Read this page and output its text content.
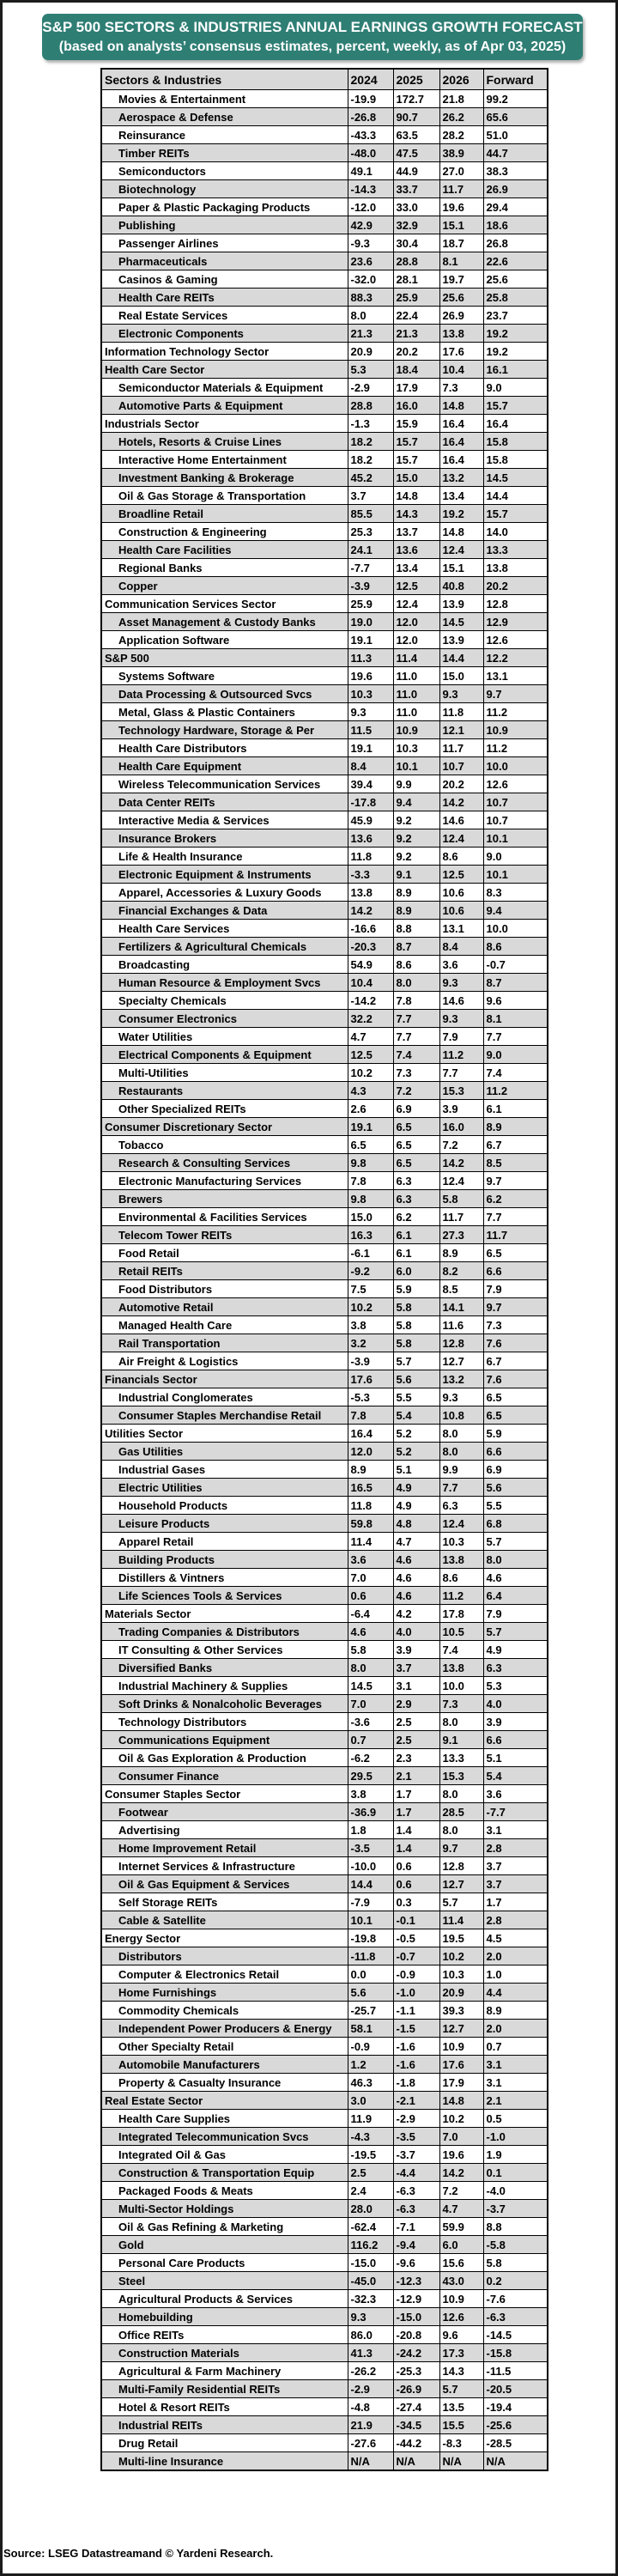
S&P 500 SECTORS & INDUSTRIES ANNUAL EARNINGS GROWTH FORECAST
(based on analysts’ consensus estimates, percent, weekly, as of Apr 03, 2025)
Sectors & Industries	2024	2025	2026	Forward
Movies & Entertainment	-19.9	172.7	21.8	99.2
Aerospace & Defense	-26.8	90.7	26.2	65.6
Reinsurance	-43.3	63.5	28.2	51.0
Timber REITs	-48.0	47.5	38.9	44.7
Semiconductors	49.1	44.9	27.0	38.3
Biotechnology	-14.3	33.7	11.7	26.9
Paper & Plastic Packaging Products	-12.0	33.0	19.6	29.4
Publishing	42.9	32.9	15.1	18.6
Passenger Airlines	-9.3	30.4	18.7	26.8
Pharmaceuticals	23.6	28.8	8.1	22.6
Casinos & Gaming	-32.0	28.1	19.7	25.6
Health Care REITs	88.3	25.9	25.6	25.8
Real Estate Services	8.0	22.4	26.9	23.7
Electronic Components	21.3	21.3	13.8	19.2
Information Technology Sector	20.9	20.2	17.6	19.2
Health Care Sector	5.3	18.4	10.4	16.1
Semiconductor Materials & Equipment	-2.9	17.9	7.3	9.0
Automotive Parts & Equipment	28.8	16.0	14.8	15.7
Industrials Sector	-1.3	15.9	16.4	16.4
Hotels, Resorts & Cruise Lines	18.2	15.7	16.4	15.8
Interactive Home Entertainment	18.2	15.7	16.4	15.8
Investment Banking & Brokerage	45.2	15.0	13.2	14.5
Oil & Gas Storage & Transportation	3.7	14.8	13.4	14.4
Broadline Retail	85.5	14.3	19.2	15.7
Construction & Engineering	25.3	13.7	14.8	14.0
Health Care Facilities	24.1	13.6	12.4	13.3
Regional Banks	-7.7	13.4	15.1	13.8
Copper	-3.9	12.5	40.8	20.2
Communication Services Sector	25.9	12.4	13.9	12.8
Asset Management & Custody Banks	19.0	12.0	14.5	12.9
Application Software	19.1	12.0	13.9	12.6
S&P 500	11.3	11.4	14.4	12.2
Systems Software	19.6	11.0	15.0	13.1
Data Processing & Outsourced Svcs	10.3	11.0	9.3	9.7
Metal, Glass & Plastic Containers	9.3	11.0	11.8	11.2
Technology Hardware, Storage & Per	11.5	10.9	12.1	10.9
Health Care Distributors	19.1	10.3	11.7	11.2
Health Care Equipment	8.4	10.1	10.7	10.0
Wireless Telecommunication Services	39.4	9.9	20.2	12.6
Data Center REITs	-17.8	9.4	14.2	10.7
Interactive Media & Services	45.9	9.2	14.6	10.7
Insurance Brokers	13.6	9.2	12.4	10.1
Life & Health Insurance	11.8	9.2	8.6	9.0
Electronic Equipment & Instruments	-3.3	9.1	12.5	10.1
Apparel, Accessories & Luxury Goods	13.8	8.9	10.6	8.3
Financial Exchanges & Data	14.2	8.9	10.6	9.4
Health Care Services	-16.6	8.8	13.1	10.0
Fertilizers & Agricultural Chemicals	-20.3	8.7	8.4	8.6
Broadcasting	54.9	8.6	3.6	-0.7
Human Resource & Employment Svcs	10.4	8.0	9.3	8.7
Specialty Chemicals	-14.2	7.8	14.6	9.6
Consumer Electronics	32.2	7.7	9.3	8.1
Water Utilities	4.7	7.7	7.9	7.7
Electrical Components & Equipment	12.5	7.4	11.2	9.0
Multi-Utilities	10.2	7.3	7.7	7.4
Restaurants	4.3	7.2	15.3	11.2
Other Specialized REITs	2.6	6.9	3.9	6.1
Consumer Discretionary Sector	19.1	6.5	16.0	8.9
Tobacco	6.5	6.5	7.2	6.7
Research & Consulting Services	9.8	6.5	14.2	8.5
Electronic Manufacturing Services	7.8	6.3	12.4	9.7
Brewers	9.8	6.3	5.8	6.2
Environmental & Facilities Services	15.0	6.2	11.7	7.7
Telecom Tower REITs	16.3	6.1	27.3	11.7
Food Retail	-6.1	6.1	8.9	6.5
Retail REITs	-9.2	6.0	8.2	6.6
Food Distributors	7.5	5.9	8.5	7.9
Automotive Retail	10.2	5.8	14.1	9.7
Managed Health Care	3.8	5.8	11.6	7.3
Rail Transportation	3.2	5.8	12.8	7.6
Air Freight & Logistics	-3.9	5.7	12.7	6.7
Financials Sector	17.6	5.6	13.2	7.6
Industrial Conglomerates	-5.3	5.5	9.3	6.5
Consumer Staples Merchandise Retail	7.8	5.4	10.8	6.5
Utilities Sector	16.4	5.2	8.0	5.9
Gas Utilities	12.0	5.2	8.0	6.6
Industrial Gases	8.9	5.1	9.9	6.9
Electric Utilities	16.5	4.9	7.7	5.6
Household Products	11.8	4.9	6.3	5.5
Leisure Products	59.8	4.8	12.4	6.8
Apparel Retail	11.4	4.7	10.3	5.7
Building Products	3.6	4.6	13.8	8.0
Distillers & Vintners	7.0	4.6	8.6	4.6
Life Sciences Tools & Services	0.6	4.6	11.2	6.4
Materials Sector	-6.4	4.2	17.8	7.9
Trading Companies & Distributors	4.6	4.0	10.5	5.7
IT Consulting & Other Services	5.8	3.9	7.4	4.9
Diversified Banks	8.0	3.7	13.8	6.3
Industrial Machinery & Supplies	14.5	3.1	10.0	5.3
Soft Drinks & Nonalcoholic Beverages	7.0	2.9	7.3	4.0
Technology Distributors	-3.6	2.5	8.0	3.9
Communications Equipment	0.7	2.5	9.1	6.6
Oil & Gas Exploration & Production	-6.2	2.3	13.3	5.1
Consumer Finance	29.5	2.1	15.3	5.4
Consumer Staples Sector	3.8	1.7	8.0	3.6
Footwear	-36.9	1.7	28.5	-7.7
Advertising	1.8	1.4	8.0	3.1
Home Improvement Retail	-3.5	1.4	9.7	2.8
Internet Services & Infrastructure	-10.0	0.6	12.8	3.7
Oil & Gas Equipment & Services	14.4	0.6	12.7	3.7
Self Storage REITs	-7.9	0.3	5.7	1.7
Cable & Satellite	10.1	-0.1	11.4	2.8
Energy Sector	-19.8	-0.5	19.5	4.5
Distributors	-11.8	-0.7	10.2	2.0
Computer & Electronics Retail	0.0	-0.9	10.3	1.0
Home Furnishings	5.6	-1.0	20.9	4.4
Commodity Chemicals	-25.7	-1.1	39.3	8.9
Independent Power Producers & Energy	58.1	-1.5	12.7	2.0
Other Specialty Retail	-0.9	-1.6	10.9	0.7
Automobile Manufacturers	1.2	-1.6	17.6	3.1
Property & Casualty Insurance	46.3	-1.8	17.9	3.1
Real Estate Sector	3.0	-2.1	14.8	2.1
Health Care Supplies	11.9	-2.9	10.2	0.5
Integrated Telecommunication Svcs	-4.3	-3.5	7.0	-1.0
Integrated Oil & Gas	-19.5	-3.7	19.6	1.9
Construction & Transportation Equip	2.5	-4.4	14.2	0.1
Packaged Foods & Meats	2.4	-6.3	7.2	-4.0
Multi-Sector Holdings	28.0	-6.3	4.7	-3.7
Oil & Gas Refining & Marketing	-62.4	-7.1	59.9	8.8
Gold	116.2	-9.4	6.0	-5.8
Personal Care Products	-15.0	-9.6	15.6	5.8
Steel	-45.0	-12.3	43.0	0.2
Agricultural Products & Services	-32.3	-12.9	10.9	-7.6
Homebuilding	9.3	-15.0	12.6	-6.3
Office REITs	86.0	-20.8	9.6	-14.5
Construction Materials	41.3	-24.2	17.3	-15.8
Agricultural & Farm Machinery	-26.2	-25.3	14.3	-11.5
Multi-Family Residential REITs	-2.9	-26.9	5.7	-20.5
Hotel & Resort REITs	-4.8	-27.4	13.5	-19.4
Industrial REITs	21.9	-34.5	15.5	-25.6
Drug Retail	-27.6	-44.2	-8.3	-28.5
Multi-line Insurance	N/A	N/A	N/A	N/A
Source: LSEG Datastreamand © Yardeni Research.
